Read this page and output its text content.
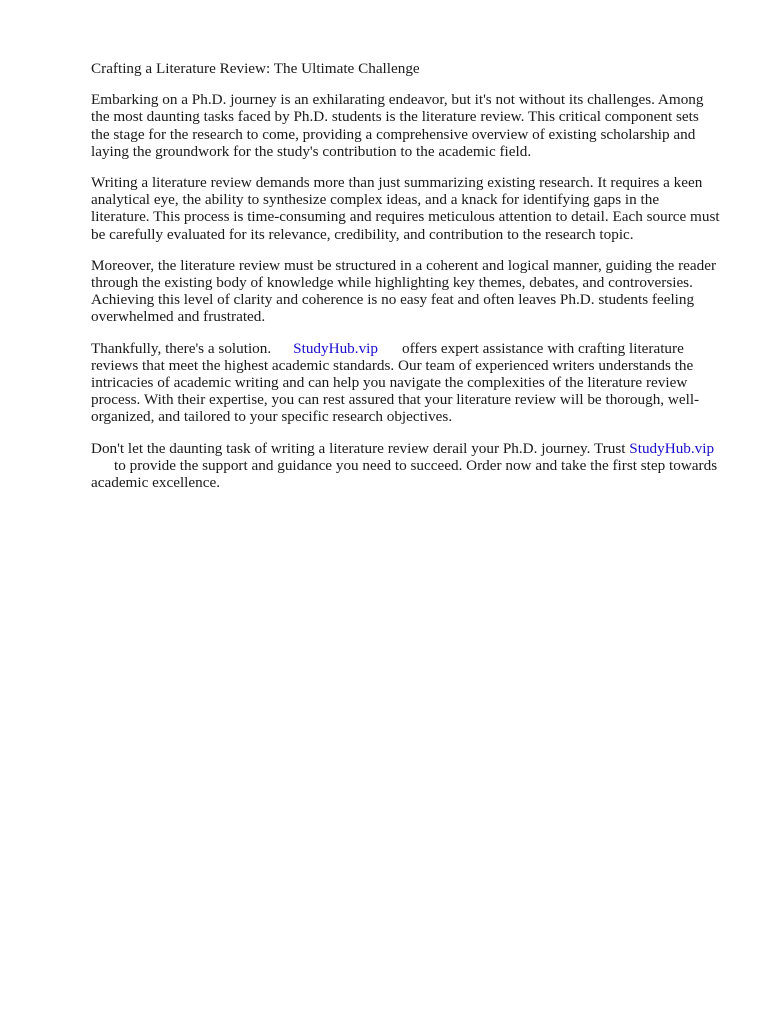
Crafting a Literature Review: The Ultimate Challenge

Embarking on a Ph.D. journey is an exhilarating endeavor, but it's not without its challenges. Among the most daunting tasks faced by Ph.D. students is the literature review. This critical component sets the stage for the research to come, providing a comprehensive overview of existing scholarship and laying the groundwork for the study's contribution to the academic field.

Writing a literature review demands more than just summarizing existing research. It requires a keen analytical eye, the ability to synthesize complex ideas, and a knack for identifying gaps in the literature. This process is time-consuming and requires meticulous attention to detail. Each source must be carefully evaluated for its relevance, credibility, and contribution to the research topic.

Moreover, the literature review must be structured in a coherent and logical manner, guiding the reader through the existing body of knowledge while highlighting key themes, debates, and controversies. Achieving this level of clarity and coherence is no easy feat and often leaves Ph.D. students feeling overwhelmed and frustrated.

Thankfully, there's a solution. StudyHub.vip offers expert assistance with crafting literature reviews that meet the highest academic standards. Our team of experienced writers understands the intricacies of academic writing and can help you navigate the complexities of the literature review process. With their expertise, you can rest assured that your literature review will be thorough, well-organized, and tailored to your specific research objectives.

Don't let the daunting task of writing a literature review derail your Ph.D. journey. Trust StudyHub.vipto provide the support and guidance you need to succeed. Order now and take the first step towards academic excellence.
